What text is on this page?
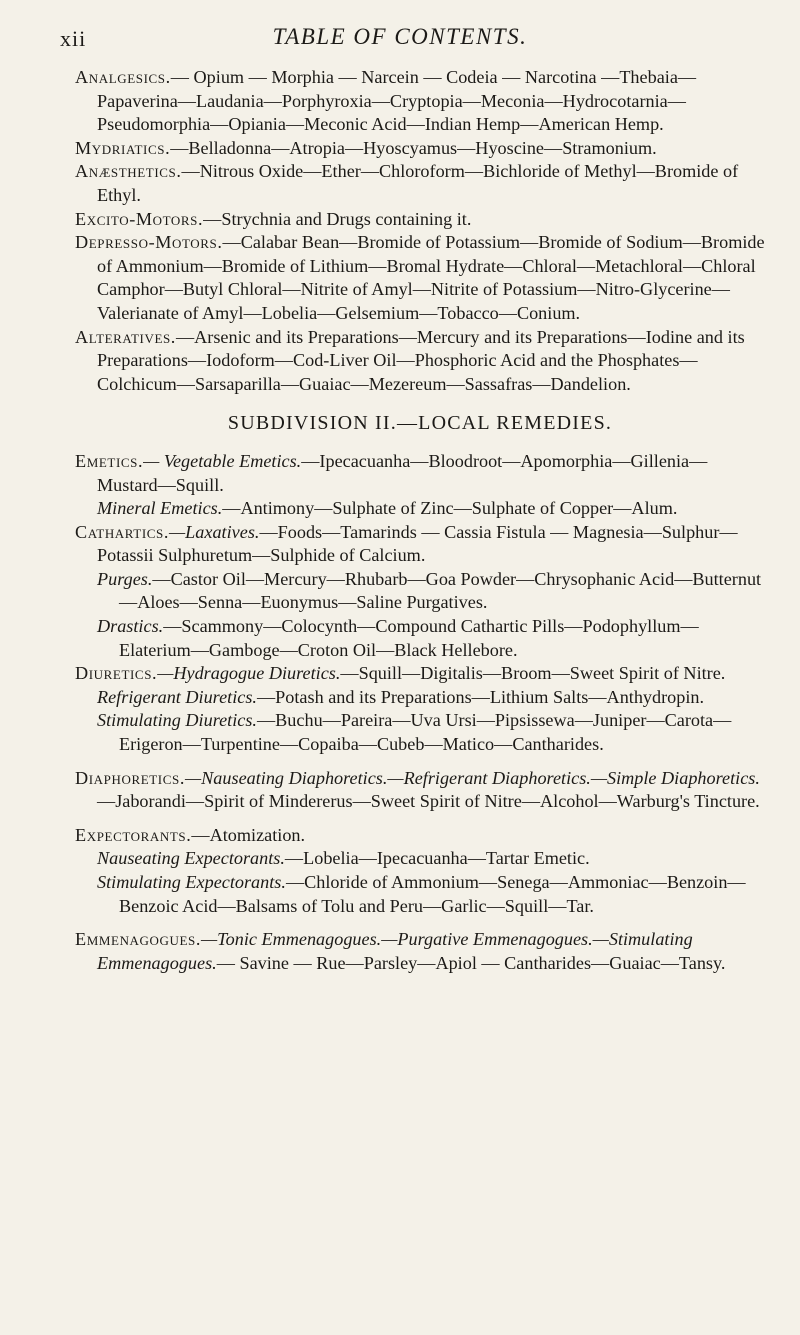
xii	TABLE OF CONTENTS.

Analgesics.— Opium — Morphia — Narcein — Codeia — Narcotina —Thebaia—Papaverina—Laudania—Porphyroxia—Cryptopia—Meconia—Hydrocotarnia—Pseudomorphia—Opiania—Meconic Acid—Indian Hemp—American Hemp.

Mydriatics.—Belladonna—Atropia—Hyoscyamus—Hyoscine—Stramonium.

Anæsthetics.—Nitrous Oxide—Ether—Chloroform—Bichloride of Methyl—Bromide of Ethyl.

Excito-Motors.—Strychnia and Drugs containing it.

Depresso-Motors.—Calabar Bean—Bromide of Potassium—Bromide of Sodium—Bromide of Ammonium—Bromide of Lithium—Bromal Hydrate—Chloral—Metachloral—Chloral Camphor—Butyl Chloral—Nitrite of Amyl—Nitrite of Potassium—Nitro-Glycerine—Valerianate of Amyl—Lobelia—Gelsemium—Tobacco—Conium.

Alteratives.—Arsenic and its Preparations—Mercury and its Preparations—Iodine and its Preparations—Iodoform—Cod-Liver Oil—Phosphoric Acid and the Phosphates—Colchicum—Sarsaparilla—Guaiac—Mezereum—Sassafras—Dandelion.

SUBDIVISION II.—LOCAL REMEDIES.

Emetics.— Vegetable Emetics.—Ipecacuanha—Bloodroot—Apomorphia—Gillenia—Mustard—Squill.

Mineral Emetics.—Antimony—Sulphate of Zinc—Sulphate of Copper—Alum.

Cathartics.—Laxatives.—Foods—Tamarinds — Cassia Fistula — Magnesia—Sulphur—Potassii Sulphuretum—Sulphide of Calcium.

Purges.—Castor Oil—Mercury—Rhubarb—Goa Powder—Chrysophanic Acid—Butternut—Aloes—Senna—Euonymus—Saline Purgatives.

Drastics.—Scammony—Colocynth—Compound Cathartic Pills—Podophyllum—Elaterium—Gamboge—Croton Oil—Black Hellebore.

Diuretics.—Hydragogue Diuretics.—Squill—Digitalis—Broom—Sweet Spirit of Nitre.

Refrigerant Diuretics.—Potash and its Preparations—Lithium Salts—Anthydropin.

Stimulating Diuretics.—Buchu—Pareira—Uva Ursi—Pipsissewa—Juniper—Carota—Erigeron—Turpentine—Copaiba—Cubeb—Matico—Cantharides.

Diaphoretics.—Nauseating Diaphoretics.—Refrigerant Diaphoretics.—Simple Diaphoretics.—Jaborandi—Spirit of Mindererus—Sweet Spirit of Nitre—Alcohol—Warburg's Tincture.

Expectorants.—Atomization.

Nauseating Expectorants.—Lobelia—Ipecacuanha—Tartar Emetic.

Stimulating Expectorants.—Chloride of Ammonium—Senega—Ammoniac—Benzoin—Benzoic Acid—Balsams of Tolu and Peru—Garlic—Squill—Tar.

Emmenagogues.—Tonic Emmenagogues.—Purgative Emmenagogues.—Stimulating Emmenagogues.— Savine — Rue—Parsley—Apiol — Cantharides—Guaiac—Tansy.
